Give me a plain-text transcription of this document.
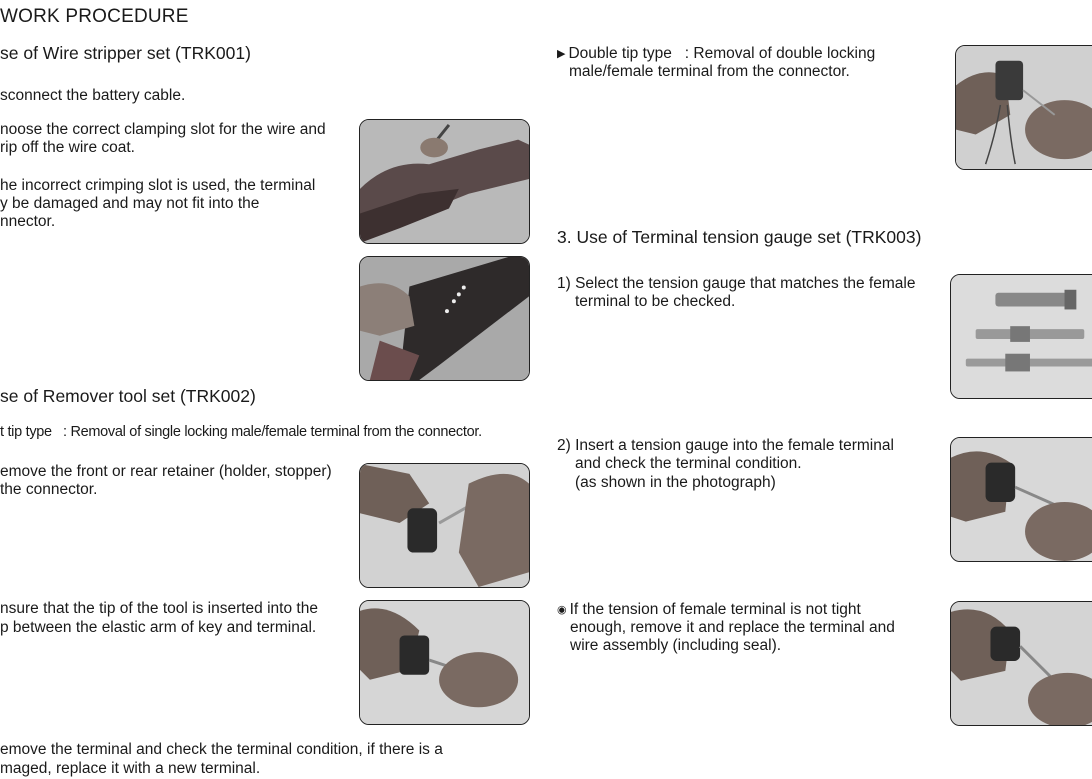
WORK PROCEDURE
se of Wire stripper set (TRK001)
sconnect the battery cable.
noose the correct clamping slot for the wire and
rip off the wire coat.
he incorrect crimping slot is used, the terminal
y be damaged and may not fit into the
nnector.
se of Remover tool set (TRK002)
t tip type : Removal of single locking male/female terminal from the connector.
emove the front or rear retainer (holder, stopper)
the connector.
nsure that the tip of the tool is inserted into the
p between the elastic arm of key and terminal.
emove the terminal and check the terminal condition, if there is a
maged, replace it with a new terminal.
▶ Double tip type : Removal of double locking
male/female terminal from the connector.
3. Use of Terminal tension gauge set (TRK003)
1) Select the tension gauge that matches the female
terminal to be checked.
2) Insert a tension gauge into the female terminal
and check the terminal condition.
(as shown in the photograph)
◉ If the tension of female terminal is not tight
enough, remove it and replace the terminal and
wire assembly (including seal).
